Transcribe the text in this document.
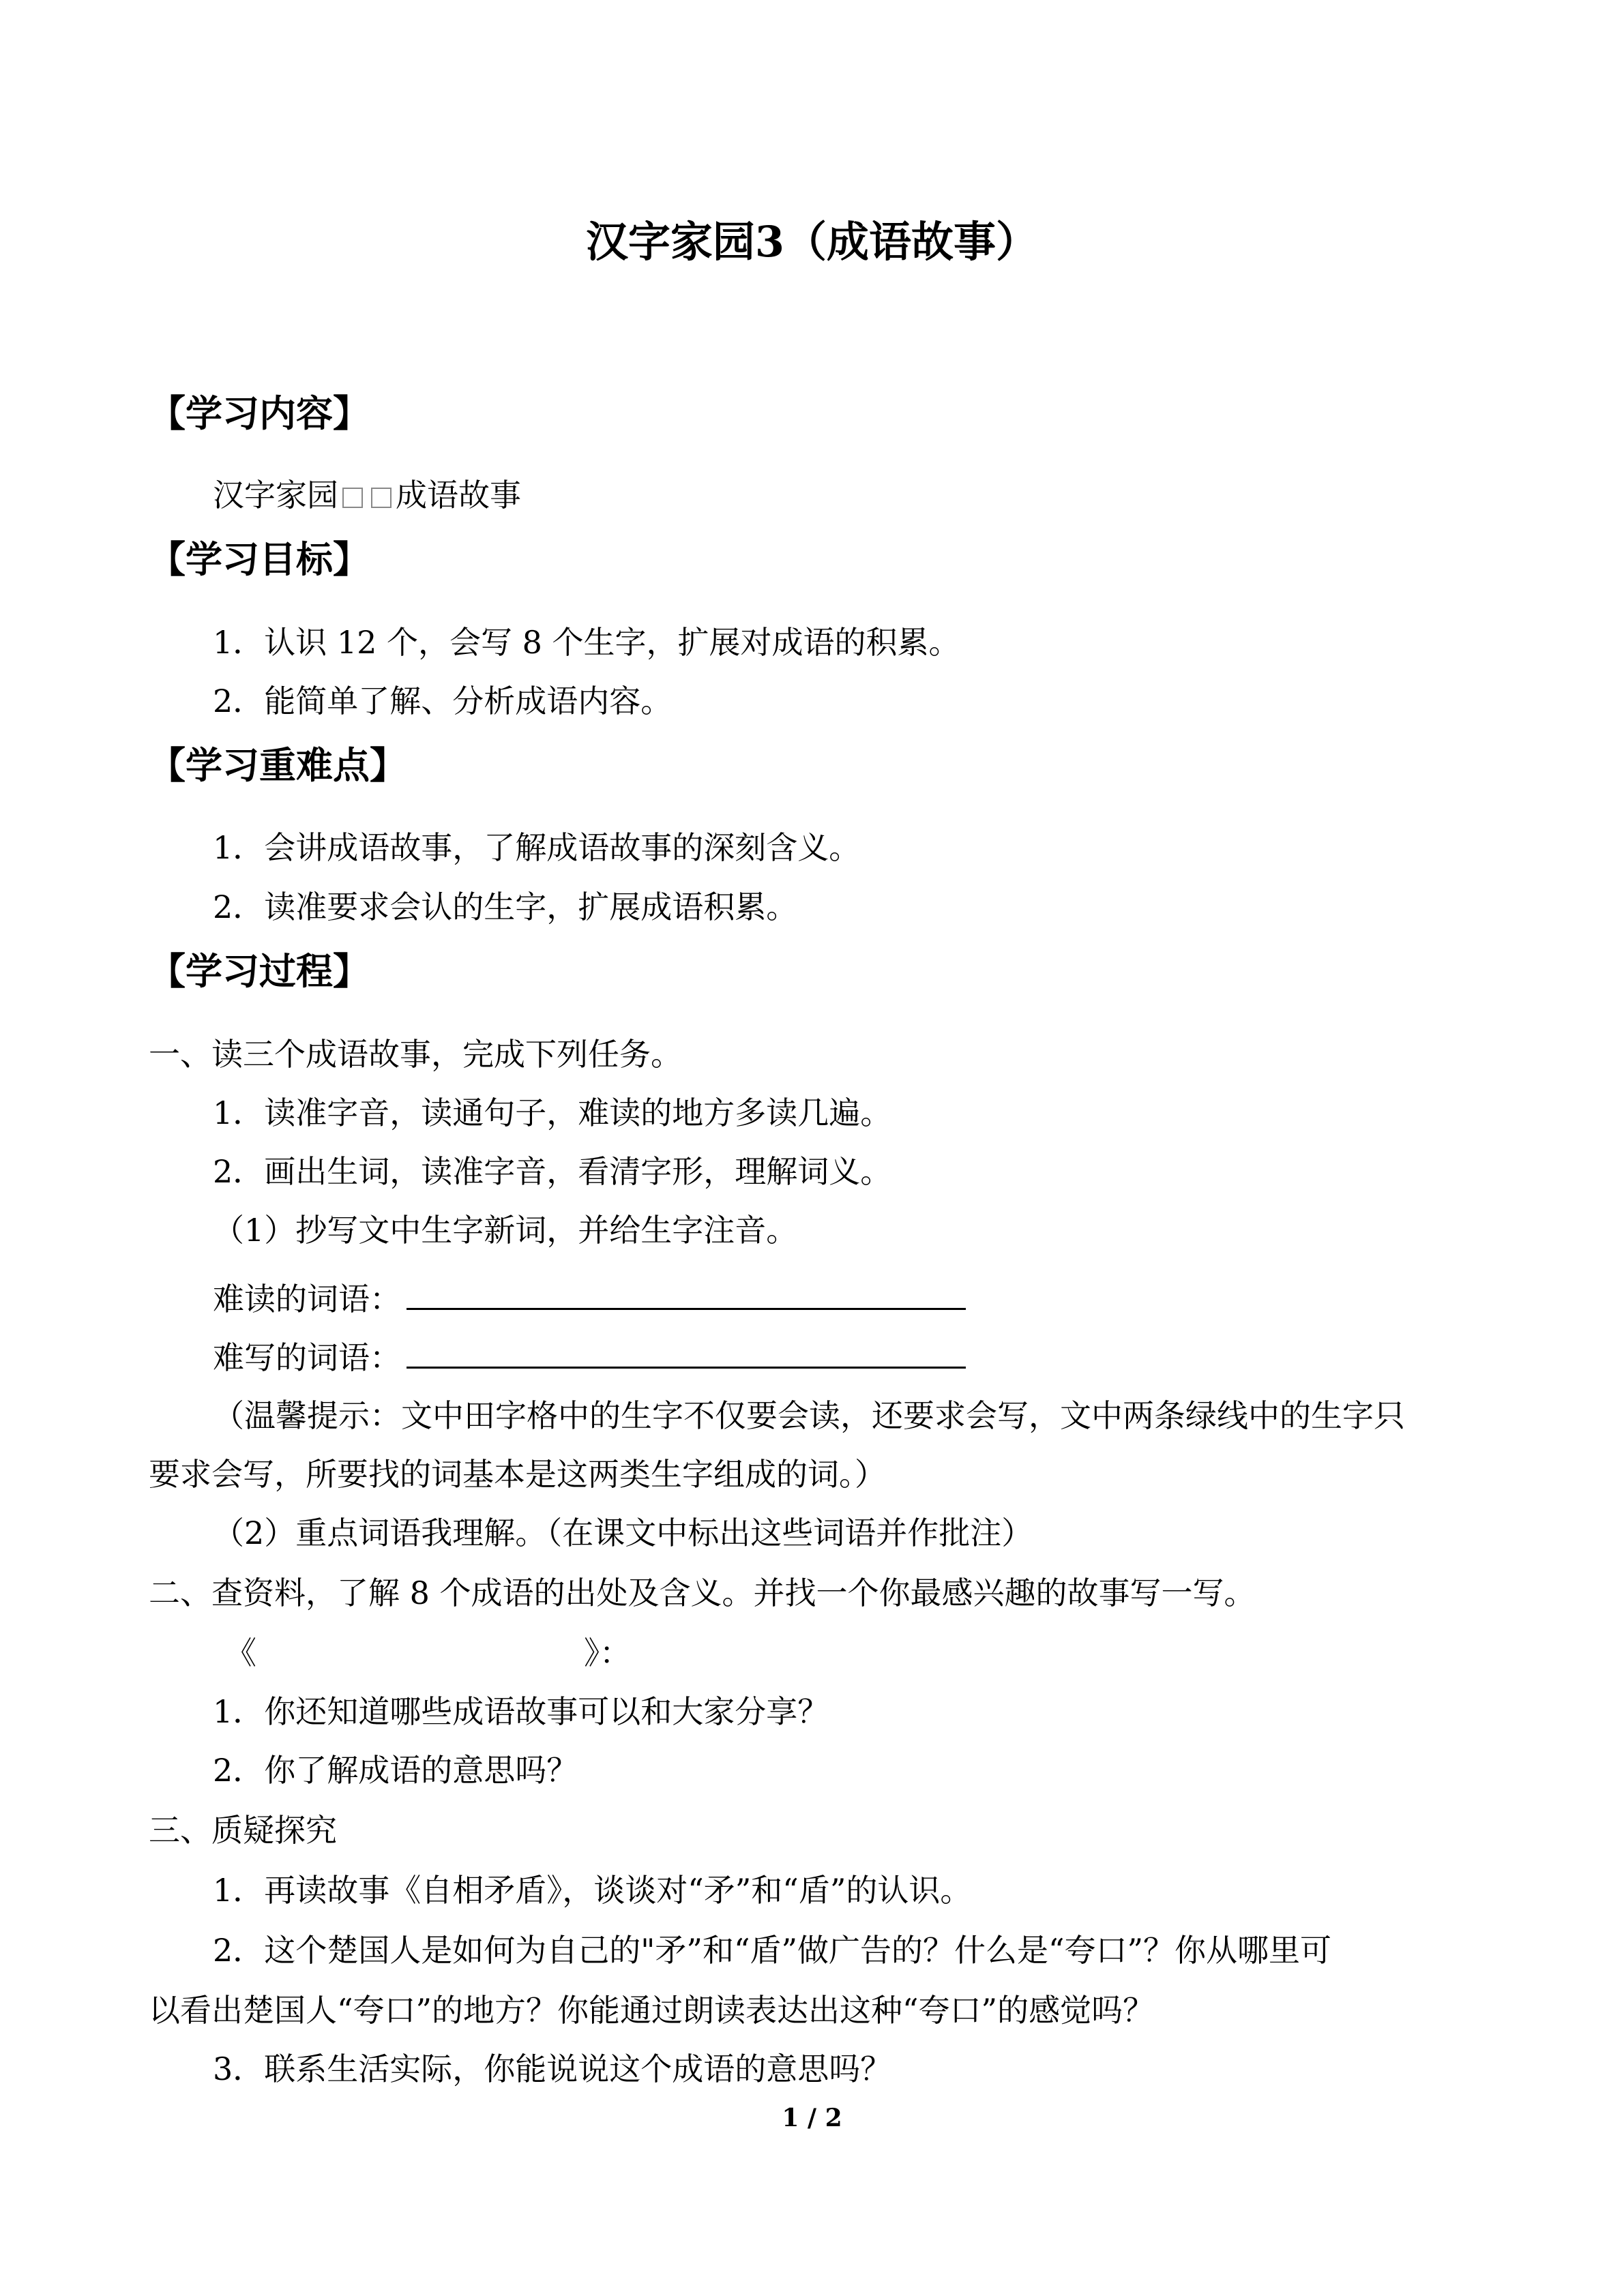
汉字家园3（成语故事）
【学习内容】
汉字家园 成语故事
【学习目标】
1．认识 12 个，会写 8 个生字，扩展对成语的积累。
2．能简单了解、分析成语内容。
【学习重难点】
1．会讲成语故事，了解成语故事的深刻含义。
2．读准要求会认的生字，扩展成语积累。
【学习过程】
一、读三个成语故事，完成下列任务。
1．读准字音，读通句子，难读的地方多读几遍。
2．画出生词，读准字音，看清字形，理解词义。
（1）抄写文中生字新词，并给生字注音。
难读的词语：
难写的词语：
（温馨提示：文中田字格中的生字不仅要会读，还要求会写，文中两条绿线中的生字只
要求会写，所要找的词基本是这两类生字组成的词。）
（2）重点词语我理解。（在课文中标出这些词语并作批注）
二、查资料，了解 8 个成语的出处及含义。并找一个你最感兴趣的故事写一写。
《	》：
1．你还知道哪些成语故事可以和大家分享？
2．你了解成语的意思吗？
三、质疑探究
1．再读故事《自相矛盾》，谈谈对“矛”和“盾”的认识。
2．这个楚国人是如何为自己的"矛”和“盾”做广告的？什么是“夸口”？你从哪里可
以看出楚国人“夸口”的地方？你能通过朗读表达出这种“夸口”的感觉吗？
3．联系生活实际，你能说说这个成语的意思吗？
1 / 2
